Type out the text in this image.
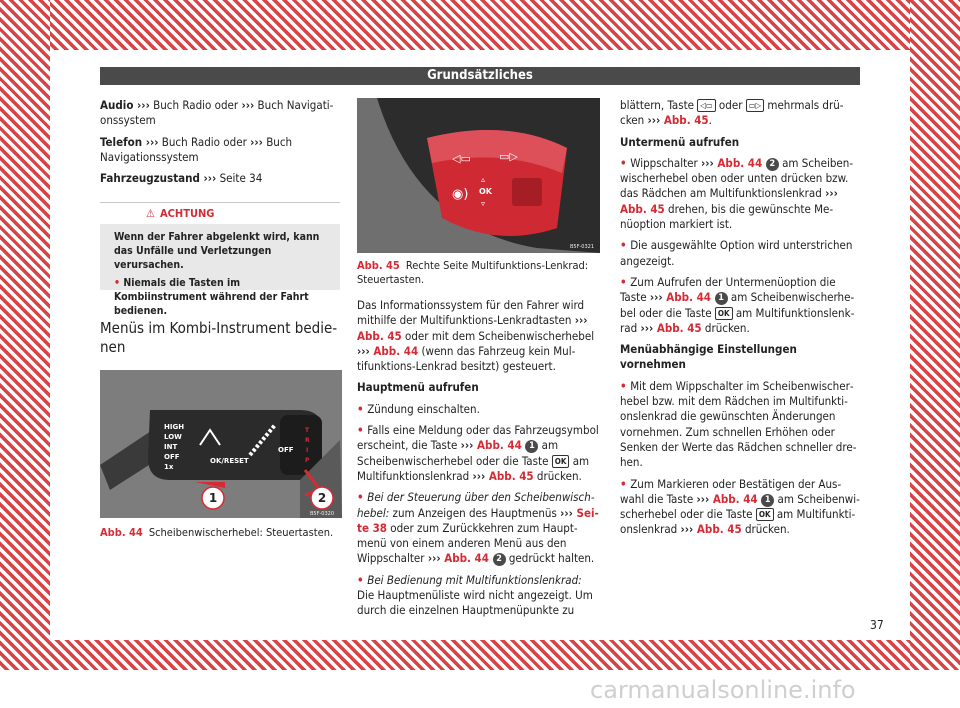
Grundsätzliches

Audio ››› Buch Radio oder ››› Buch Navigationssystem

Telefon ››› Buch Radio oder ››› Buch Navigationssystem

Fahrzeugzustand ››› Seite 34

⚠ ACHTUNG
Wenn der Fahrer abgelenkt wird, kann das Unfälle und Verletzungen verursachen.
• Niemals die Tasten im Kombiinstrument während der Fahrt bedienen.
Menüs im Kombi-Instrument bedienen
HIGH
LOW
INT
OFF
1x
OK/RESET
OFF
T
R
I
P
1	2
B5F-0320
Abb. 44 Scheibenwischerhebel: Steuertasten.
◁▭	▭▷
◉)
▵
OK
▿
B5F-0321
Abb. 45 Rechte Seite Multifunktions-Lenkrad: Steuertasten.

Das Informationssystem für den Fahrer wird mithilfe der Multifunktions-Lenkradtasten ››› Abb. 45 oder mit dem Scheibenwischerhebel ››› Abb. 44 (wenn das Fahrzeug kein Multifunktions-Lenkrad besitzt) gesteuert.

Hauptmenü aufrufen

• Zündung einschalten.

• Falls eine Meldung oder das Fahrzeugsymbol erscheint, die Taste ››› Abb. 44 1 am Scheibenwischerhebel oder die Taste OK am Multifunktionslenkrad ››› Abb. 45 drücken.

• Bei der Steuerung über den Scheibenwischhebel: zum Anzeigen des Hauptmenüs ››› Seite 38 oder zum Zurückkehren zum Hauptmenü von einem anderen Menü aus den Wippschalter ››› Abb. 44 2 gedrückt halten.

• Bei Bedienung mit Multifunktionslenkrad: Die Hauptmenüliste wird nicht angezeigt. Um durch die einzelnen Hauptmenüpunkte zu

blättern, Taste ◁▭ oder ▭▷ mehrmals drücken ››› Abb. 45.

Untermenü aufrufen

• Wippschalter ››› Abb. 44 2 am Scheibenwischerhebel oben oder unten drücken bzw. das Rädchen am Multifunktionslenkrad ››› Abb. 45 drehen, bis die gewünschte Menüoption markiert ist.

• Die ausgewählte Option wird unterstrichen angezeigt.

• Zum Aufrufen der Untermenüoption die Taste ››› Abb. 44 1 am Scheibenwischerhebel oder die Taste OK am Multifunktionslenkrad ››› Abb. 45 drücken.

Menüabhängige Einstellungen vornehmen

• Mit dem Wippschalter im Scheibenwischerhebel bzw. mit dem Rädchen im Multifunktionslenkrad die gewünschten Änderungen vornehmen. Zum schnellen Erhöhen oder Senken der Werte das Rädchen schneller drehen.

• Zum Markieren oder Bestätigen der Auswahl die Taste ››› Abb. 44 1 am Scheibenwischerhebel oder die Taste OK am Multifunktionslenkrad ››› Abb. 45 drücken.

37
carmanualsonline.info
